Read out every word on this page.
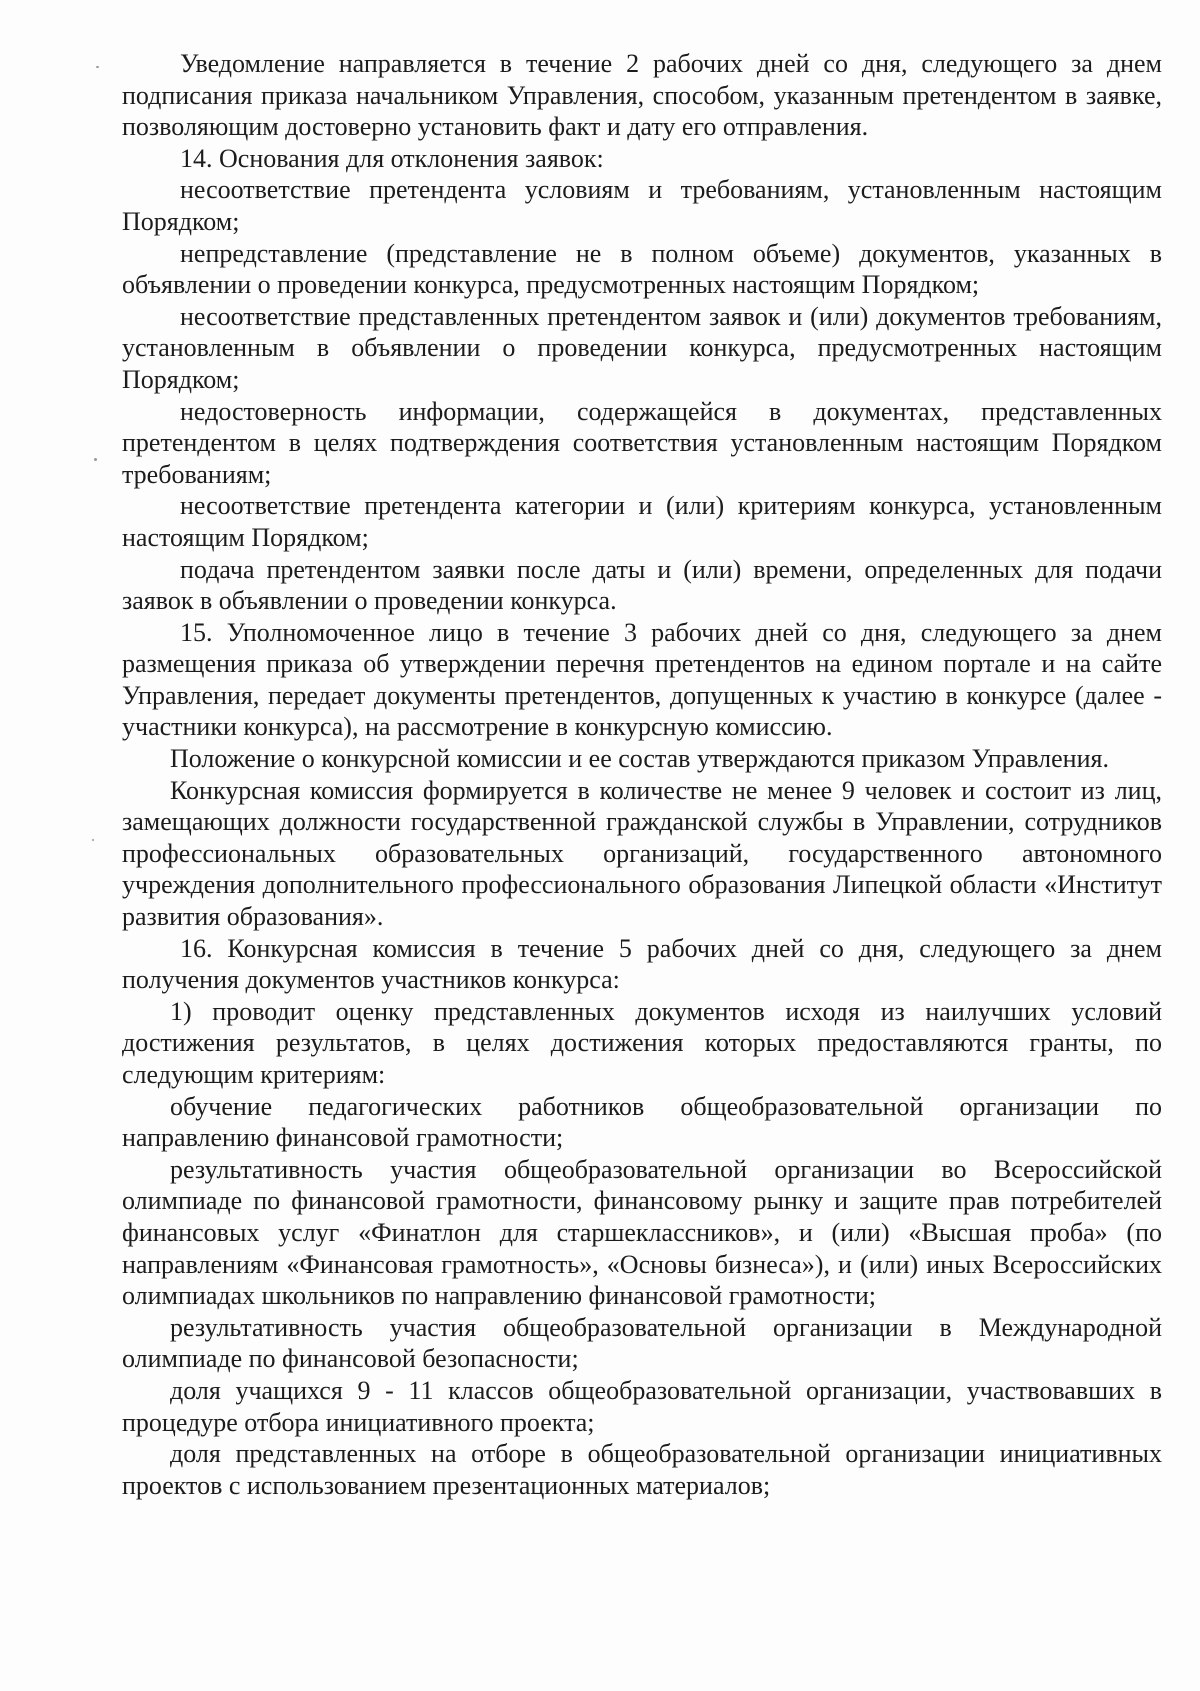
Уведомление направляется в течение 2 рабочих дней со дня, следующего за днем подписания приказа начальником Управления, способом, указанным претендентом в заявке, позволяющим достоверно установить факт и дату его отправления.

14. Основания для отклонения заявок:

несоответствие претендента условиям и требованиям, установленным настоящим Порядком;

непредставление (представление не в полном объеме) документов, указанных в объявлении о проведении конкурса, предусмотренных настоящим Порядком;

несоответствие представленных претендентом заявок и (или) документов требованиям, установленным в объявлении о проведении конкурса, предусмотренных настоящим Порядком;

недостоверность информации, содержащейся в документах, представленных претендентом в целях подтверждения соответствия установленным настоящим Порядком требованиям;

несоответствие претендента категории и (или) критериям конкурса, установленным настоящим Порядком;

подача претендентом заявки после даты и (или) времени, определенных для подачи заявок в объявлении о проведении конкурса.

15. Уполномоченное лицо в течение 3 рабочих дней со дня, следующего за днем размещения приказа об утверждении перечня претендентов на едином портале и на сайте Управления, передает документы претендентов, допущенных к участию в конкурсе (далее - участники конкурса), на рассмотрение в конкурсную комиссию.

Положение о конкурсной комиссии и ее состав утверждаются приказом Управления.

Конкурсная комиссия формируется в количестве не менее 9 человек и состоит из лиц, замещающих должности государственной гражданской службы в Управлении, сотрудников профессиональных образовательных организаций, государственного автономного учреждения дополнительного профессионального образования Липецкой области «Институт развития образования».

16. Конкурсная комиссия в течение 5 рабочих дней со дня, следующего за днем получения документов участников конкурса:

1) проводит оценку представленных документов исходя из наилучших условий достижения результатов, в целях достижения которых предоставляются гранты, по следующим критериям:

обучение педагогических работников общеобразовательной организации по направлению финансовой грамотности;

результативность участия общеобразовательной организации во Всероссийской олимпиаде по финансовой грамотности, финансовому рынку и защите прав потребителей финансовых услуг «Финатлон для старшеклассников», и (или) «Высшая проба» (по направлениям «Финансовая грамотность», «Основы бизнеса»), и (или) иных Всероссийских олимпиадах школьников по направлению финансовой грамотности;

результативность участия общеобразовательной организации в Международной олимпиаде по финансовой безопасности;

доля учащихся 9 - 11 классов общеобразовательной организации, участвовавших в процедуре отбора инициативного проекта;

доля представленных на отборе в общеобразовательной организации инициативных проектов с использованием презентационных материалов;
